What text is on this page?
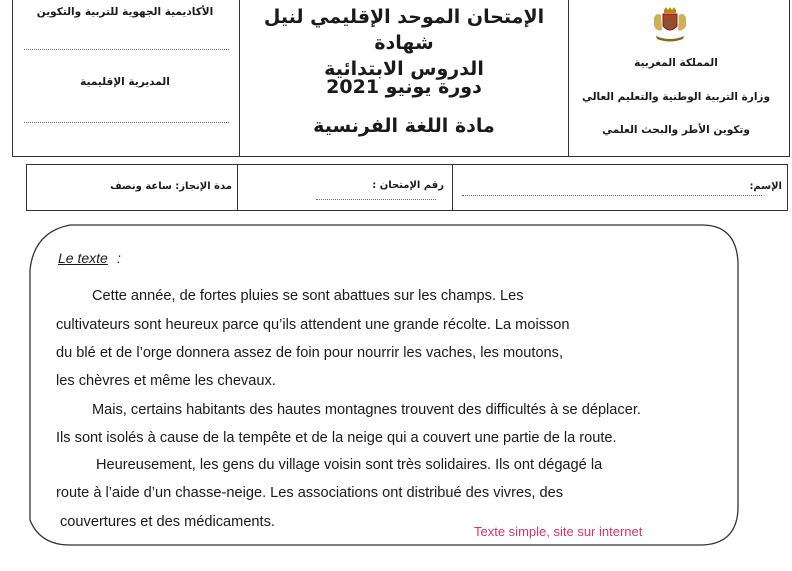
الأكاديمية الجهوية للتربية والتكوين
المديرية الإقليمية
الإمتحان الموحد الإقليمي لنيل شهادة
الدروس الابتدائية
دورة يونيو 2021
مادة اللغة الفرنسية
المملكة المغربية
وزارة التربية الوطنية والتعليم العالي
وتكوين الأطر والبحث العلمي
مدة الإنجاز: ساعة ونصف	رقم الإمتحان :	الإسم:
Le texte :
Cette année, de fortes pluies se sont abattues sur les champs. Les
cultivateurs sont heureux parce qu’ils attendent une grande récolte. La moisson
du blé et de l’orge donnera assez de foin pour nourrir les vaches, les moutons,
les chèvres et même les chevaux.
Mais, certains habitants des hautes montagnes trouvent des difficultés à se déplacer.
Ils sont isolés à cause de la tempête et de la neige qui a couvert une partie de la route.
Heureusement, les gens du village voisin sont très solidaires. Ils ont dégagé la
route à l’aide d’un chasse-neige. Les associations ont distribué des vivres, des
couvertures et des médicaments.
Texte simple, site sur internet
